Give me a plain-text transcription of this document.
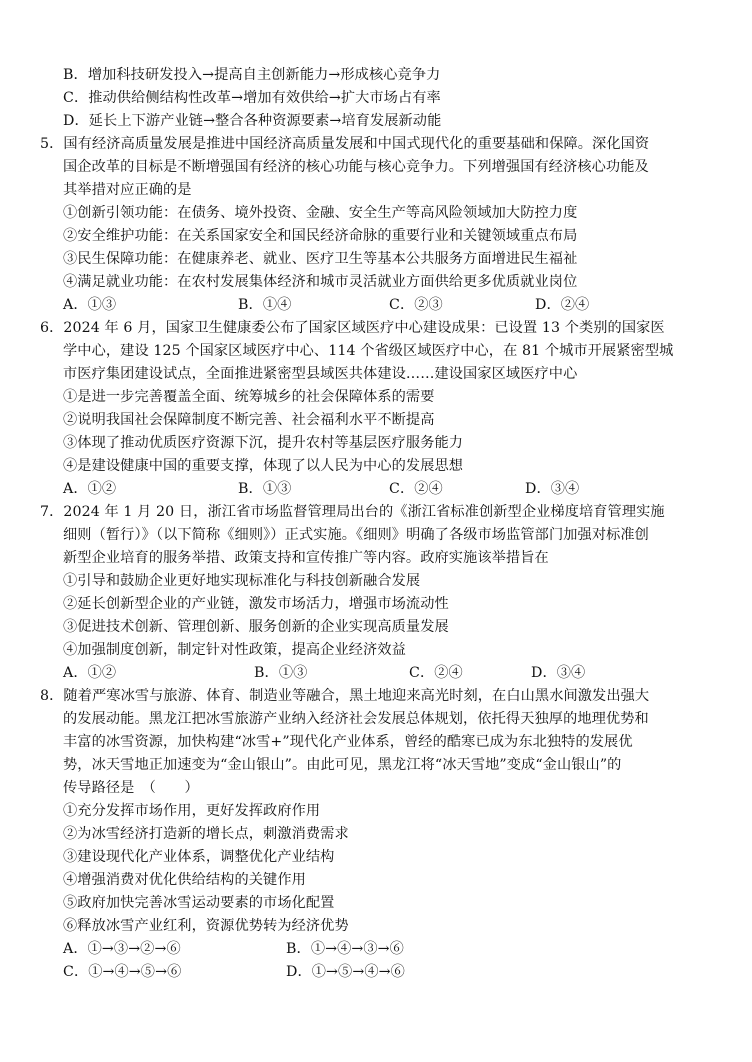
B．增加科技研发投入→提高自主创新能力→形成核心竞争力
C．推动供给侧结构性改革→增加有效供给→扩大市场占有率
D．延长上下游产业链→整合各种资源要素→培育发展新动能
5．国有经济高质量发展是推进中国经济高质量发展和中国式现代化的重要基础和保障。深化国资
国企改革的目标是不断增强国有经济的核心功能与核心竞争力。下列增强国有经济核心功能及
其举措对应正确的是
①创新引领功能：在债务、境外投资、金融、安全生产等高风险领域加大防控力度
②安全维护功能：在关系国家安全和国民经济命脉的重要行业和关键领域重点布局
③民生保障功能：在健康养老、就业、医疗卫生等基本公共服务方面增进民生福祉
④满足就业功能：在农村发展集体经济和城市灵活就业方面供给更多优质就业岗位
A．①③	B．①④	C．②③	D．②④
6．2024 年 6 月，国家卫生健康委公布了国家区域医疗中心建设成果：已设置 13 个类别的国家医
学中心，建设 125 个国家区域医疗中心、114 个省级区域医疗中心，在 81 个城市开展紧密型城
市医疗集团建设试点，全面推进紧密型县域医共体建设……建设国家区域医疗中心
①是进一步完善覆盖全面、统筹城乡的社会保障体系的需要
②说明我国社会保障制度不断完善、社会福利水平不断提高
③体现了推动优质医疗资源下沉，提升农村等基层医疗服务能力
④是建设健康中国的重要支撑，体现了以人民为中心的发展思想
A．①②	B．①③	C．②④	D．③④
7．2024 年 1 月 20 日，浙江省市场监督管理局出台的《浙江省标准创新型企业梯度培育管理实施
细则（暂行）》（以下简称《细则》）正式实施。《细则》明确了各级市场监管部门加强对标准创
新型企业培育的服务举措、政策支持和宣传推广等内容。政府实施该举措旨在
①引导和鼓励企业更好地实现标准化与科技创新融合发展
②延长创新型企业的产业链，激发市场活力，增强市场流动性
③促进技术创新、管理创新、服务创新的企业实现高质量发展
④加强制度创新，制定针对性政策，提高企业经济效益
A．①②	B．①③	C．②④	D．③④
8．随着严寒冰雪与旅游、体育、制造业等融合，黑土地迎来高光时刻，在白山黑水间激发出强大
的发展动能。黑龙江把冰雪旅游产业纳入经济社会发展总体规划，依托得天独厚的地理优势和
丰富的冰雪资源，加快构建“冰雪+”现代化产业体系，曾经的酷寒已成为东北独特的发展优
势，冰天雪地正加速变为“金山银山”。由此可见，黑龙江将“冰天雪地”变成“金山银山”的
传导路径是　（　　）
①充分发挥市场作用，更好发挥政府作用
②为冰雪经济打造新的增长点，刺激消费需求
③建设现代化产业体系，调整优化产业结构
④增强消费对优化供给结构的关键作用
⑤政府加快完善冰雪运动要素的市场化配置
⑥释放冰雪产业红利，资源优势转为经济优势
A．①→③→②→⑥	B．①→④→③→⑥
C．①→④→⑤→⑥	D．①→⑤→④→⑥
